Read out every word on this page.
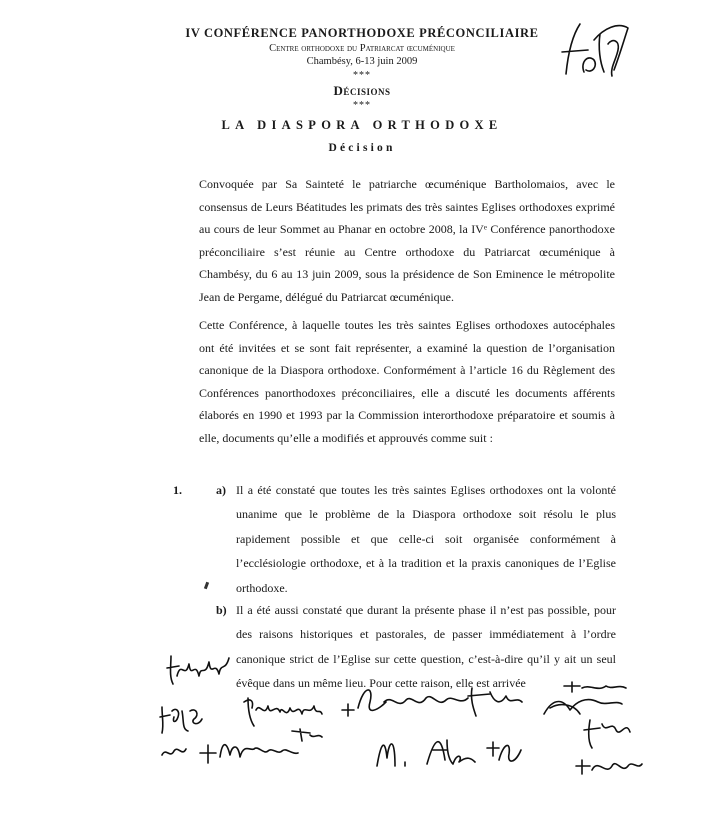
IV CONFÉRENCE PANORTHODOXE PRÉCONCILIAIRE
Centre orthodoxe du Patriarcat œcuménique
Chambésy, 6-13 juin 2009
***
Décisions
***
LA DIASPORA ORTHODOXE
Décision

Convoquée par Sa Sainteté le patriarche œcuménique Bartholomaios, avec le consensus de Leurs Béatitudes les primats des très saintes Eglises orthodoxes exprimé au cours de leur Sommet au Phanar en octobre 2008, la IVᵉ Conférence panorthodoxe préconciliaire s’est réunie au Centre orthodoxe du Patriarcat œcuménique à Chambésy, du 6 au 13 juin 2009, sous la présidence de Son Eminence le métropolite Jean de Pergame, délégué du Patriarcat œcuménique.

Cette Conférence, à laquelle toutes les très saintes Eglises orthodoxes autocéphales ont été invitées et se sont fait représenter, a examiné la question de l’organisation canonique de la Diaspora orthodoxe. Conformément à l’article 16 du Règlement des Conférences panorthodoxes préconciliaires, elle a discuté les documents afférents élaborés en 1990 et 1993 par la Commission interorthodoxe préparatoire et soumis à elle, documents qu’elle a modifiés et approuvés comme suit :

1.	a) Il a été constaté que toutes les très saintes Eglises orthodoxes ont la volonté unanime que le problème de la Diaspora orthodoxe soit résolu le plus rapidement possible et que celle-ci soit organisée conformément à l’ecclésiologie orthodoxe, et à la tradition et la praxis canoniques de l’Eglise orthodoxe.

b) Il a été aussi constaté que durant la présente phase il n’est pas possible, pour des raisons historiques et pastorales, de passer immédiatement à l’ordre canonique strict de l’Eglise sur cette question, c’est-à-dire qu’il y ait un seul évêque dans un même lieu. Pour cette raison, elle est arrivée
